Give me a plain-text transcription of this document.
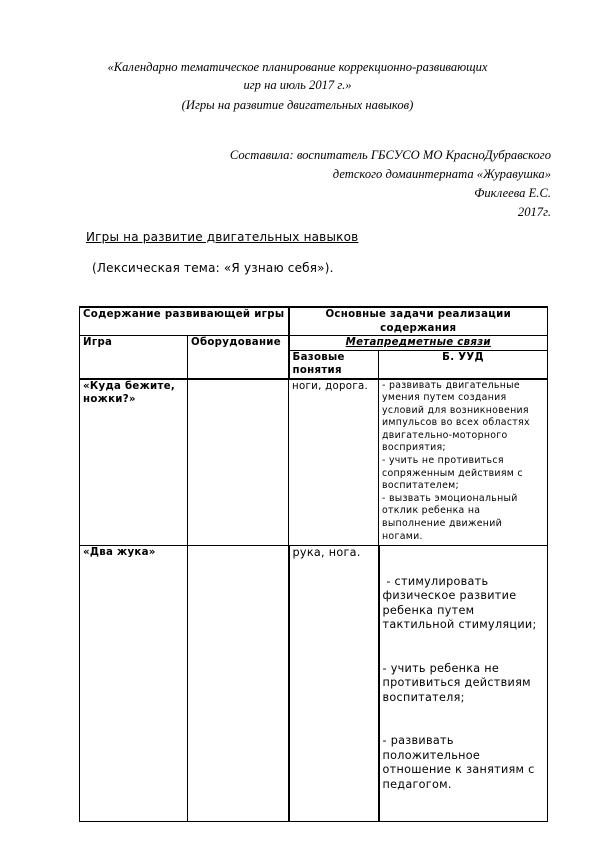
«Календарно тематическое планирование коррекционно-развивающих
игр на июль 2017 г.»
(Игры на развитие двигательных навыков)
Составила: воспитатель ГБСУСО МО КрасноДубравского
детского домаинтерната «Журавушка»
Фиклеева Е.С.
2017г.
Игры на развитие двигательных навыков
(Лексическая тема: «Я узнаю себя»).
Содержание развивающей игры		Основные задачи реализации содержания	
Игра	Оборудование	Метапредметные связи	
		Базовые понятия	Б. УУД
«Куда бежите, ножки?»		ноги, дорога.	- развивать двигательные умения путем создания условий для возникновения импульсов во всех областях двигательно-моторного восприятия;

- учить не противиться сопряженным действиям с воспитателем;

- вызвать эмоциональный отклик ребенка на выполнение движений ногами.

«Два жука»		рука, нога.	- стимулировать физическое развитие ребенка путем тактильной стимуляции;

- учить ребенка не противиться действиям воспитателя;

- развивать положительное отношение к занятиям с педагогом.
